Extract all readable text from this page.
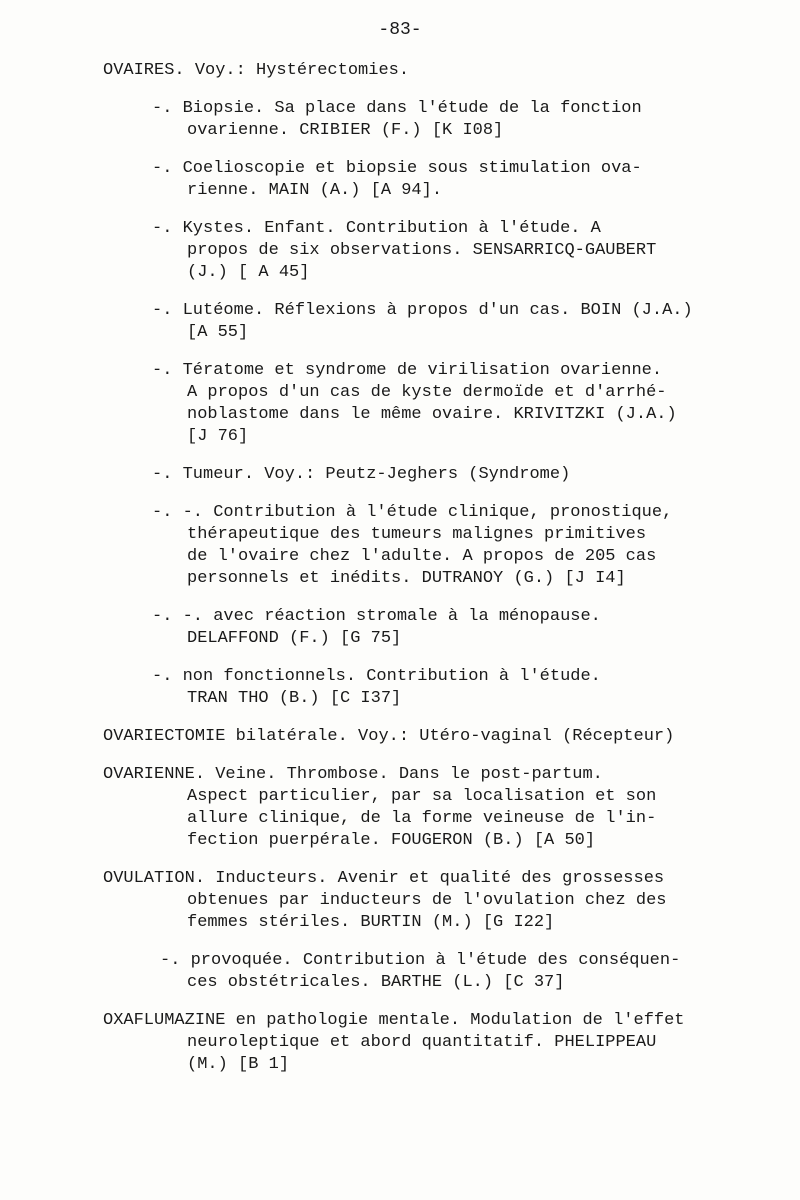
-83-
OVAIRES. Voy.: Hystérectomies.
-. Biopsie. Sa place dans l'étude de la fonction
ovarienne. CRIBIER (F.) [K I08]
-. Coelioscopie et biopsie sous stimulation ova-
rienne. MAIN (A.) [A 94].
-. Kystes. Enfant. Contribution à l'étude. A
propos de six observations. SENSARRICQ-GAUBERT
(J.) [ A 45]
-. Lutéome. Réflexions à propos d'un cas. BOIN (J.A.)
[A 55]
-. Tératome et syndrome de virilisation ovarienne.
A propos d'un cas de kyste dermoïde et d'arrhé-
noblastome dans le même ovaire. KRIVITZKI (J.A.)
[J 76]
-. Tumeur. Voy.: Peutz-Jeghers (Syndrome)
-. -. Contribution à l'étude clinique, pronostique,
thérapeutique des tumeurs malignes primitives
de l'ovaire chez l'adulte. A propos de 205 cas
personnels et inédits. DUTRANOY (G.) [J I4]
-. -. avec réaction stromale à la ménopause.
DELAFFOND (F.) [G 75]
-. non fonctionnels. Contribution à l'étude.
TRAN THO (B.) [C I37]
OVARIECTOMIE bilatérale. Voy.: Utéro-vaginal (Récepteur)
OVARIENNE. Veine. Thrombose. Dans le post-partum.
Aspect particulier, par sa localisation et son
allure clinique, de la forme veineuse de l'in-
fection puerpérale. FOUGERON (B.) [A 50]
OVULATION. Inducteurs. Avenir et qualité des grossesses
obtenues par inducteurs de l'ovulation chez des
femmes stériles. BURTIN (M.) [G I22]
-. provoquée. Contribution à l'étude des conséquen-
ces obstétricales. BARTHE (L.) [C 37]
OXAFLUMAZINE en pathologie mentale. Modulation de l'effet
neuroleptique et abord quantitatif. PHELIPPEAU
(M.) [B 1]
